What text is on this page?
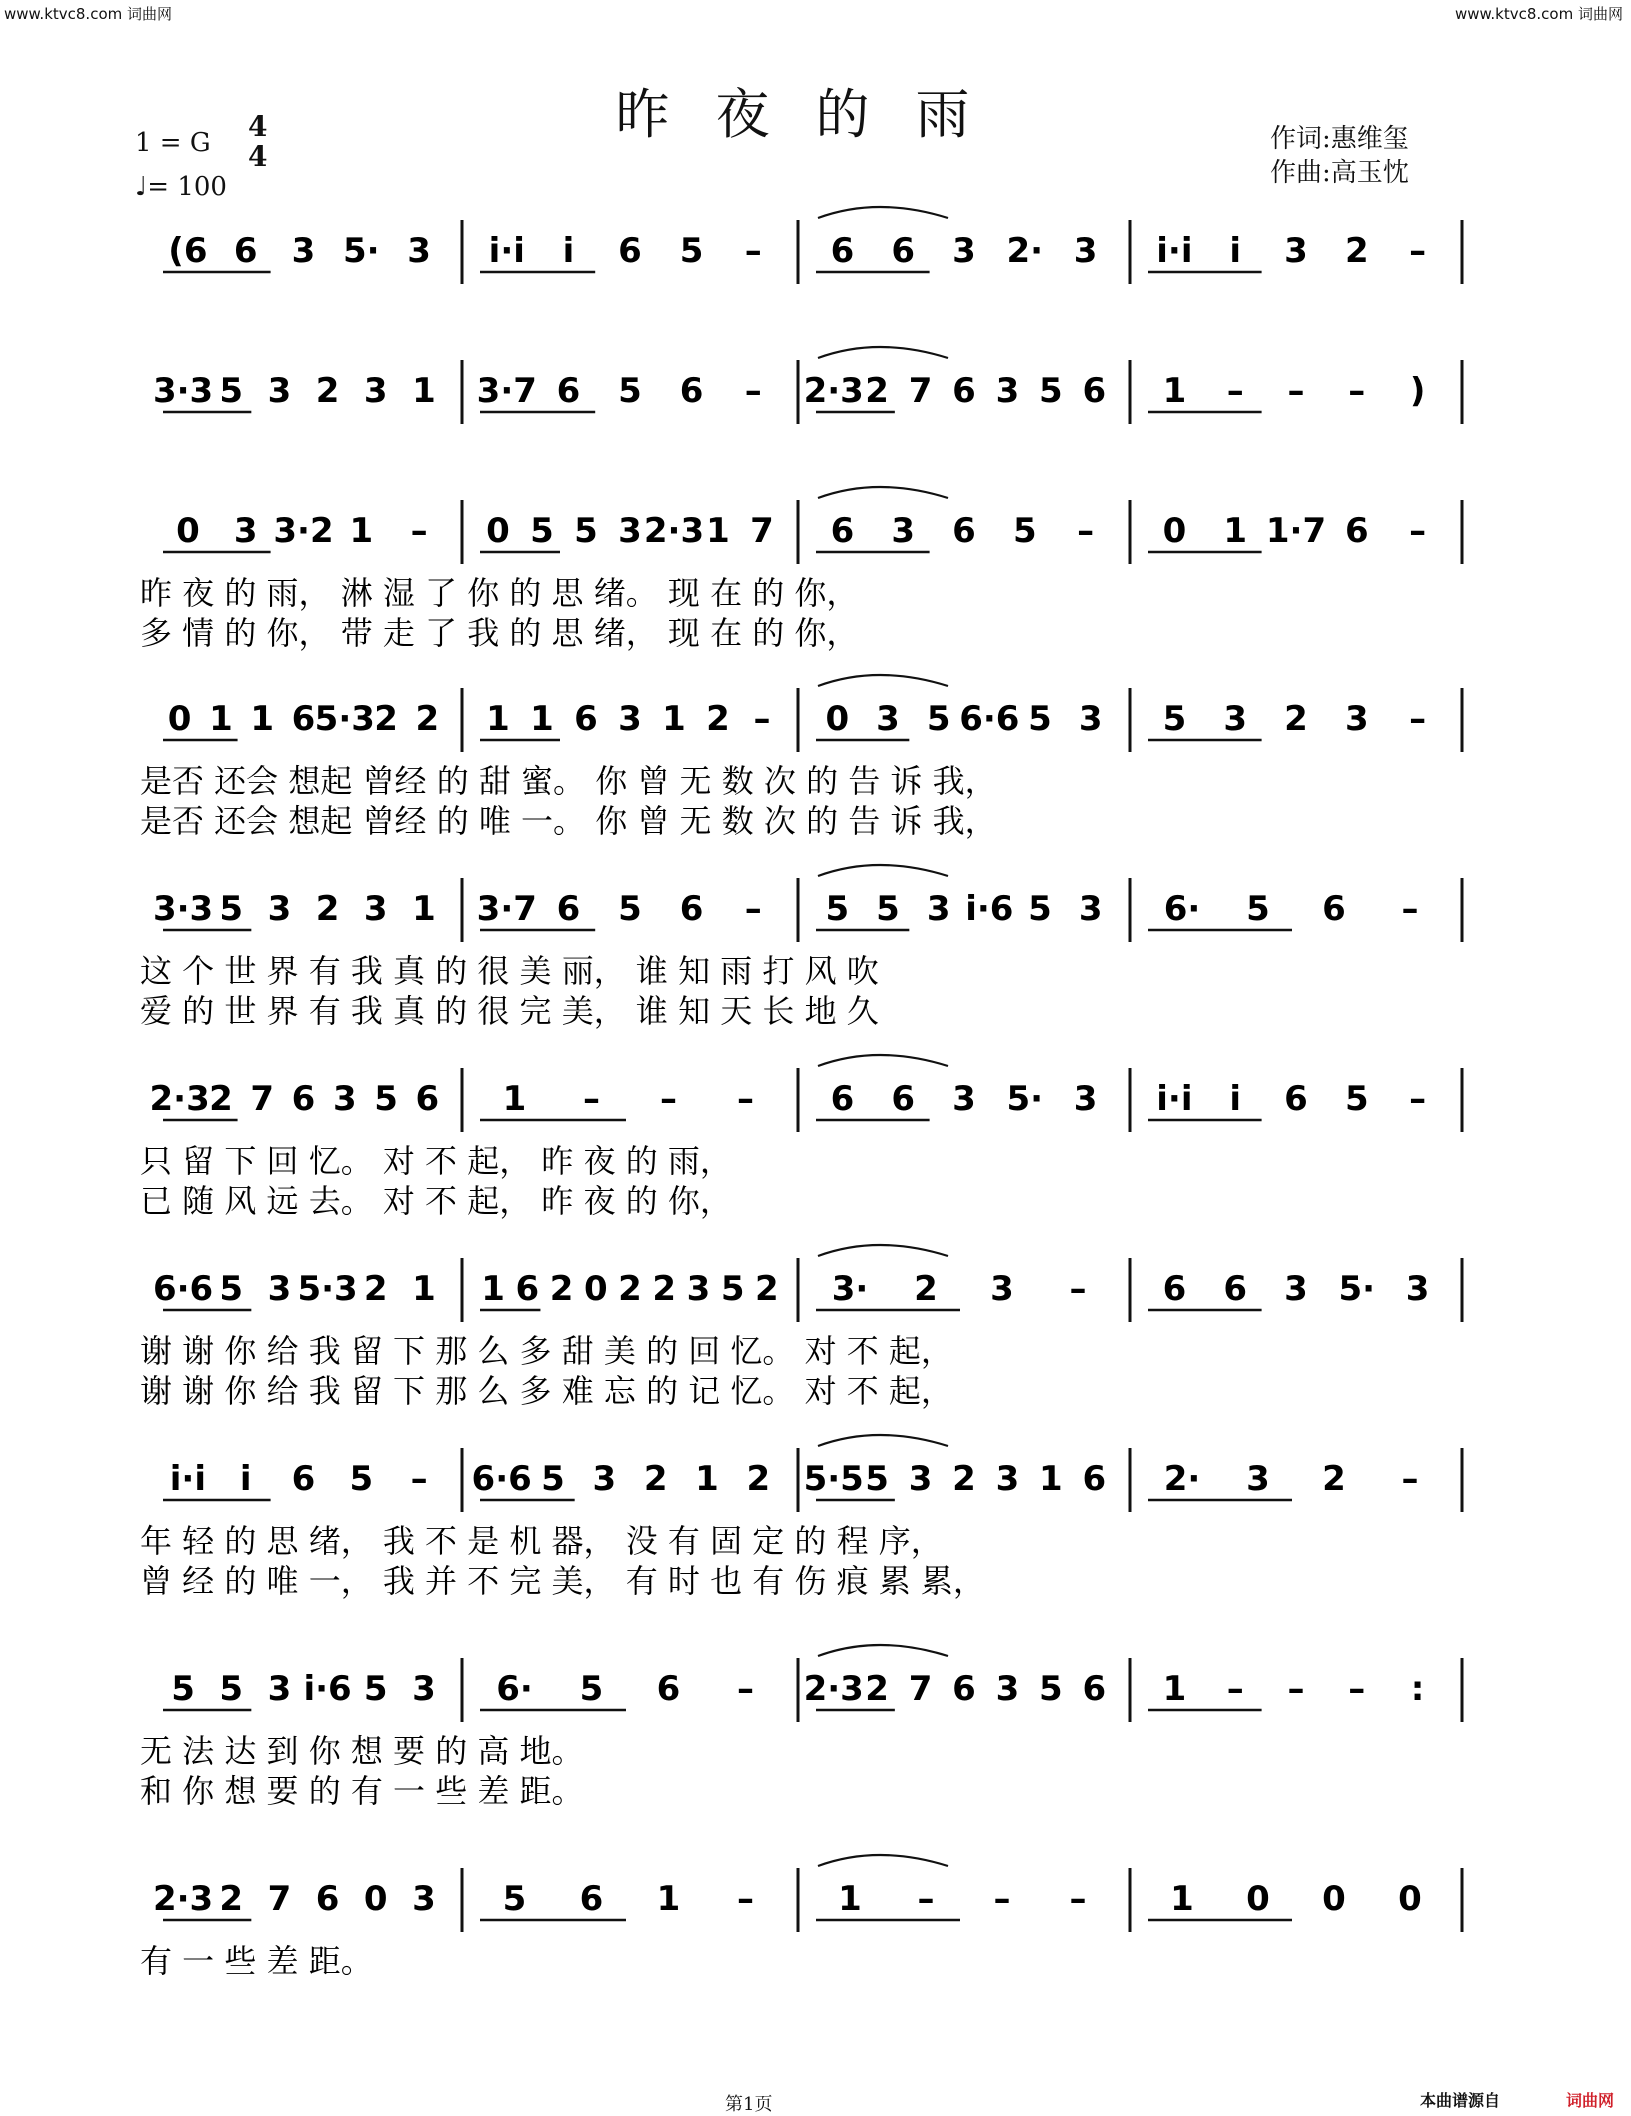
www.ktvc8.com 词曲网	www.ktvc8.com 词曲网
昨夜的雨
1 = G 4
4
♩= 100
作词:惠维玺
作曲:高玉忱
(6 6 3 5· 3 i·i i 6 5 – 6 6 3 2· 3 i·i i 3 2 –
3·3 5 3 2 3 1 3·7 6 5 6 – 2·3 2 7 6 3 5 6 1 – – – )
0 3 3·2 1 – 0 5 5 3 2·3 1 7 6 3 6 5 – 0 1 1·7 6 –
昨 夜 的 雨， 淋 湿 了 你 的 思 绪。 现 在 的 你，
多 情 的 你， 带 走 了 我 的 思 绪， 现 在 的 你，
0 1 1 6 5·3 2 2 1 1 6 3 1 2 – 0 3 5 6·6 5 3 5 3 2 3 –
是否 还会 想起 曾经 的 甜 蜜。 你 曾 无 数 次 的 告 诉 我，
是否 还会 想起 曾经 的 唯 一。 你 曾 无 数 次 的 告 诉 我，
3·3 5 3 2 3 1 3·7 6 5 6 – 5 5 3 i·6 5 3 6· 5 6 –
这 个 世 界 有 我 真 的 很 美 丽， 谁 知 雨 打 风 吹
爱 的 世 界 有 我 真 的 很 完 美， 谁 知 天 长 地 久
2·3 2 7 6 3 5 6 1 – – – 6 6 3 5· 3 i·i i 6 5 –
只 留 下 回 忆。 对 不 起， 昨 夜 的 雨，
已 随 风 远 去。 对 不 起， 昨 夜 的 你，
6·6 5 3 5·3 2 1 1 6 2 0 2 2 3 5 2 3· 2 3 – 6 6 3 5· 3
谢 谢 你 给 我 留 下 那 么 多 甜 美 的 回 忆。 对 不 起，
谢 谢 你 给 我 留 下 那 么 多 难 忘 的 记 忆。 对 不 起，
i·i i 6 5 – 6·6 5 3 2 1 2 5·5 5 3 2 3 1 6 2· 3 2 –
年 轻 的 思 绪， 我 不 是 机 器， 没 有 固 定 的 程 序，
曾 经 的 唯 一， 我 并 不 完 美， 有 时 也 有 伤 痕 累 累，
5 5 3 i·6 5 3 6· 5 6 – 2·3 2 7 6 3 5 6 1 – – – :
无 法 达 到 你 想 要 的 高 地。
和 你 想 要 的 有 一 些 差 距。
2·3 2 7 6 0 3 5 6 1 – 1 – – – 1 0 0 0
有 一 些 差 距。
第1页	本曲谱源自	词曲网
